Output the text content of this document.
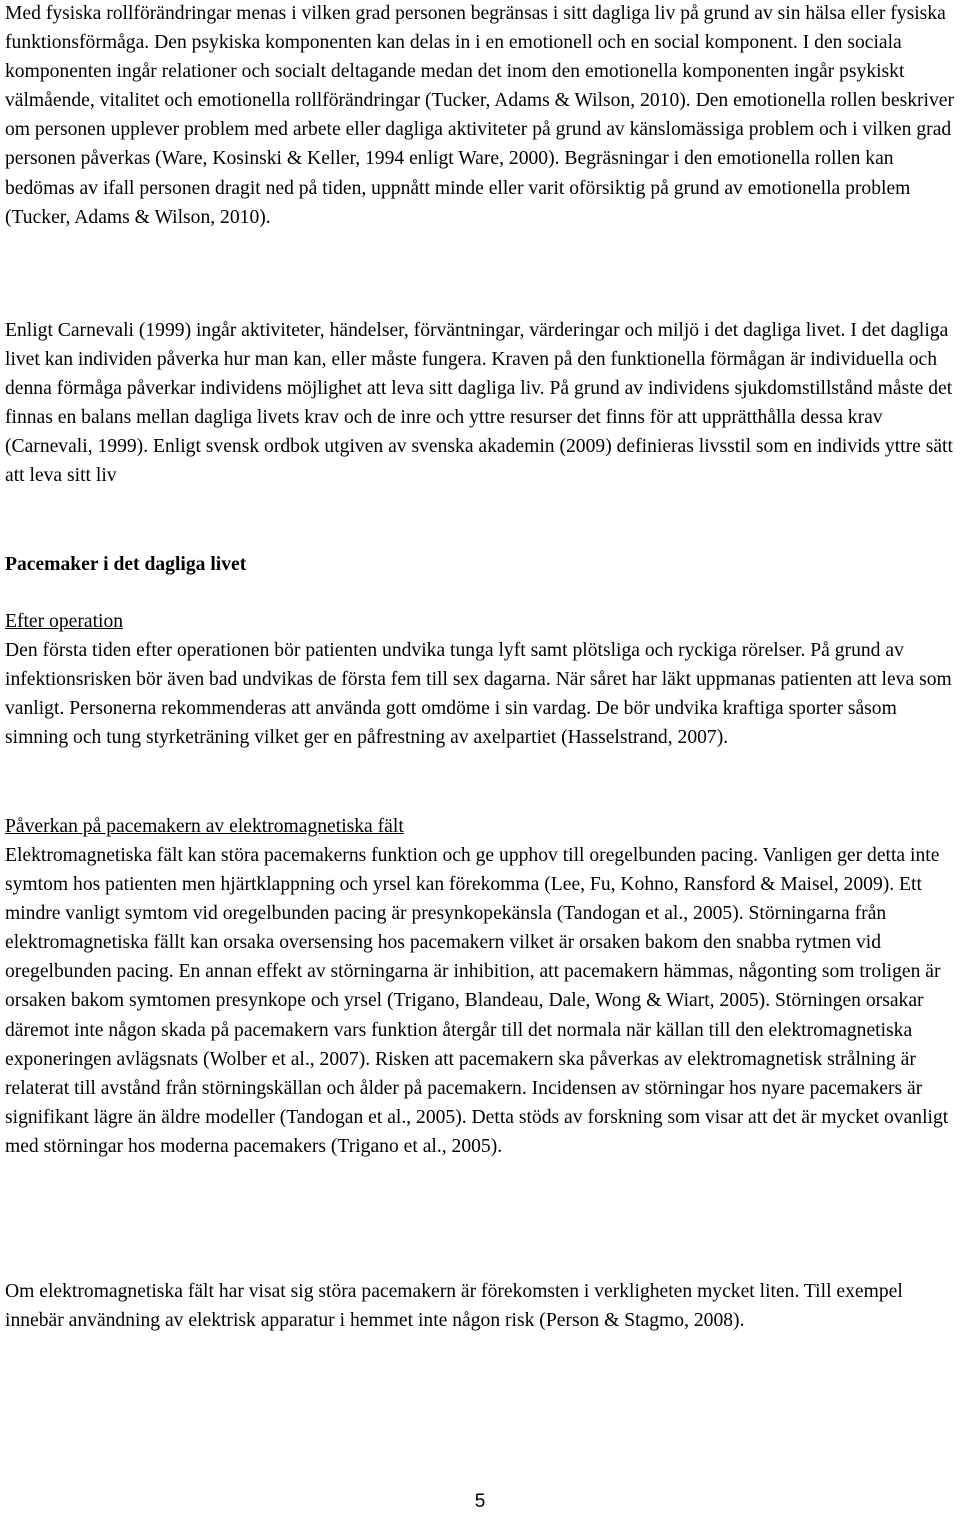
Med fysiska rollförändringar menas i vilken grad personen begränsas i sitt dagliga liv på grund av sin hälsa eller fysiska funktionsförmåga. Den psykiska komponenten kan delas in i en emotionell och en social komponent. I den sociala komponenten ingår relationer och socialt deltagande medan det inom den emotionella komponenten ingår psykiskt välmående, vitalitet och emotionella rollförändringar (Tucker, Adams & Wilson, 2010). Den emotionella rollen beskriver om personen upplever problem med arbete eller dagliga aktiviteter på grund av känslomässiga problem och i vilken grad personen påverkas (Ware, Kosinski & Keller, 1994 enligt Ware, 2000). Begräsningar i den emotionella rollen kan bedömas av ifall personen dragit ned på tiden, uppnått minde eller varit oförsiktig på grund av emotionella problem (Tucker, Adams & Wilson, 2010).

Enligt Carnevali (1999) ingår aktiviteter, händelser, förväntningar, värderingar och miljö i det dagliga livet. I det dagliga livet kan individen påverka hur man kan, eller måste fungera. Kraven på den funktionella förmågan är individuella och denna förmåga påverkar individens möjlighet att leva sitt dagliga liv. På grund av individens sjukdomstillstånd måste det finnas en balans mellan dagliga livets krav och de inre och yttre resurser det finns för att upprätthålla dessa krav (Carnevali, 1999). Enligt svensk ordbok utgiven av svenska akademin (2009) definieras livsstil som en individs yttre sätt att leva sitt liv

Pacemaker i det dagliga livet

Efter operation

Den första tiden efter operationen bör patienten undvika tunga lyft samt plötsliga och ryckiga rörelser. På grund av infektionsrisken bör även bad undvikas de första fem till sex dagarna. När såret har läkt uppmanas patienten att leva som vanligt. Personerna rekommenderas att använda gott omdöme i sin vardag. De bör undvika kraftiga sporter såsom simning och tung styrketräning vilket ger en påfrestning av axelpartiet (Hasselstrand, 2007).

Påverkan på pacemakern av elektromagnetiska fält

Elektromagnetiska fält kan störa pacemakerns funktion och ge upphov till oregelbunden pacing. Vanligen ger detta inte symtom hos patienten men hjärtklappning och yrsel kan förekomma (Lee, Fu, Kohno, Ransford & Maisel, 2009). Ett mindre vanligt symtom vid oregelbunden pacing är presynkopekänsla (Tandogan et al., 2005). Störningarna från elektromagnetiska fällt kan orsaka oversensing hos pacemakern vilket är orsaken bakom den snabba rytmen vid oregelbunden pacing. En annan effekt av störningarna är inhibition, att pacemakern hämmas, någonting som troligen är orsaken bakom symtomen presynkope och yrsel (Trigano, Blandeau, Dale, Wong & Wiart, 2005). Störningen orsakar däremot inte någon skada på pacemakern vars funktion återgår till det normala när källan till den elektromagnetiska exponeringen avlägsnats (Wolber et al., 2007). Risken att pacemakern ska påverkas av elektromagnetisk strålning är relaterat till avstånd från störningskällan och ålder på pacemakern. Incidensen av störningar hos nyare pacemakers är signifikant lägre än äldre modeller (Tandogan et al., 2005). Detta stöds av forskning som visar att det är mycket ovanligt med störningar hos moderna pacemakers (Trigano et al., 2005).

Om elektromagnetiska fält har visat sig störa pacemakern är förekomsten i verkligheten mycket liten. Till exempel innebär användning av elektrisk apparatur i hemmet inte någon risk (Person & Stagmo, 2008).

5
